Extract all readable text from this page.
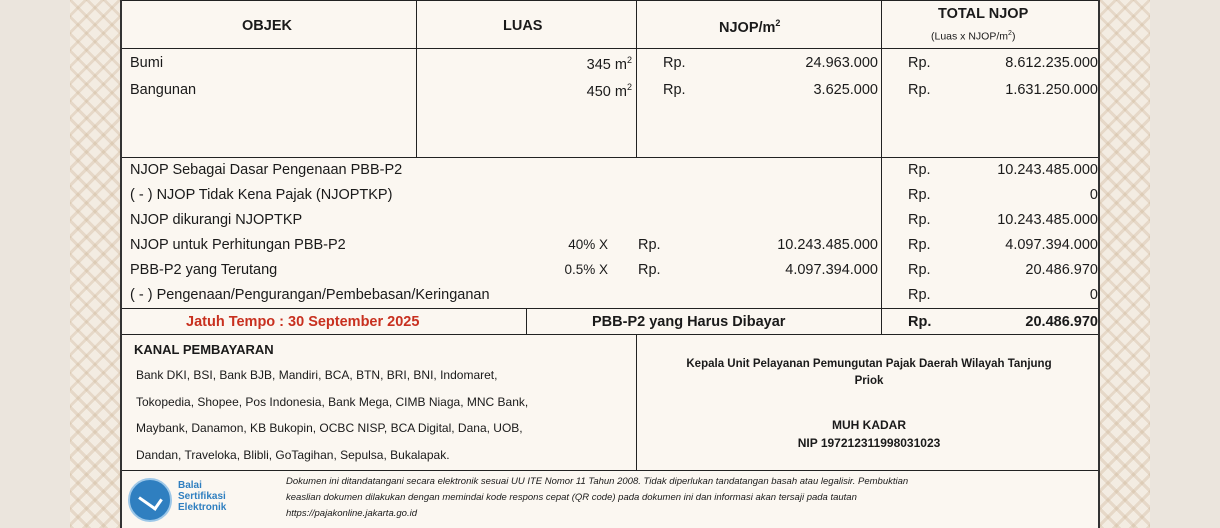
OBJEK	LUAS	NJOP/$m^2$
TOTAL NJOP
(Luas x NJOP/$m^2$)
Bumi	345 $m^2$ Rp.	24.963.000 Rp.	8.612.235.000
Bangunan	450 $m^2$ Rp.	3.625.000 Rp.	1.631.250.000
NJOP Sebagai Dasar Pengenaan PBB-P2	Rp.	10.243.485.000
( - ) NJOP Tidak Kena Pajak (NJOPTKP)	Rp.	0
NJOP dikurangi NJOPTKP	Rp.	10.243.485.000
NJOP untuk Perhitungan PBB-P2	40% X Rp.	10.243.485.000 Rp.	4.097.394.000
PBB-P2 yang Terutang	0.5% X Rp.	4.097.394.000 Rp.	20.486.970
( - ) Pengenaan/Pengurangan/Pembebasan/Keringanan	Rp.	0
Jatuh Tempo : 30 September 2025	PBB-P2 yang Harus Dibayar	Rp.	20.486.970
KANAL PEMBAYARAN
Bank DKI, BSI, Bank BJB, Mandiri, BCA, BTN, BRI, BNI, Indomaret,
Tokopedia, Shopee, Pos Indonesia, Bank Mega, CIMB Niaga, MNC Bank,
Maybank, Danamon, KB Bukopin, OCBC NISP, BCA Digital, Dana, UOB,
Dandan, Traveloka, Blibli, GoTagihan, Sepulsa, Bukalapak.
Kepala Unit Pelayanan Pemungutan Pajak Daerah Wilayah Tanjung
Priok
MUH KADAR
NIP 197212311998031023
Balai
Sertifikasi
Elektronik
Dokumen ini ditandatangani secara elektronik sesuai UU ITE Nomor 11 Tahun 2008. Tidak diperlukan tandatangan basah atau legalisir. Pembuktian
keaslian dokumen dilakukan dengan memindai kode respons cepat (QR code) pada dokumen ini dan informasi akan tersaji pada tautan
https://pajakonline.jakarta.go.id
